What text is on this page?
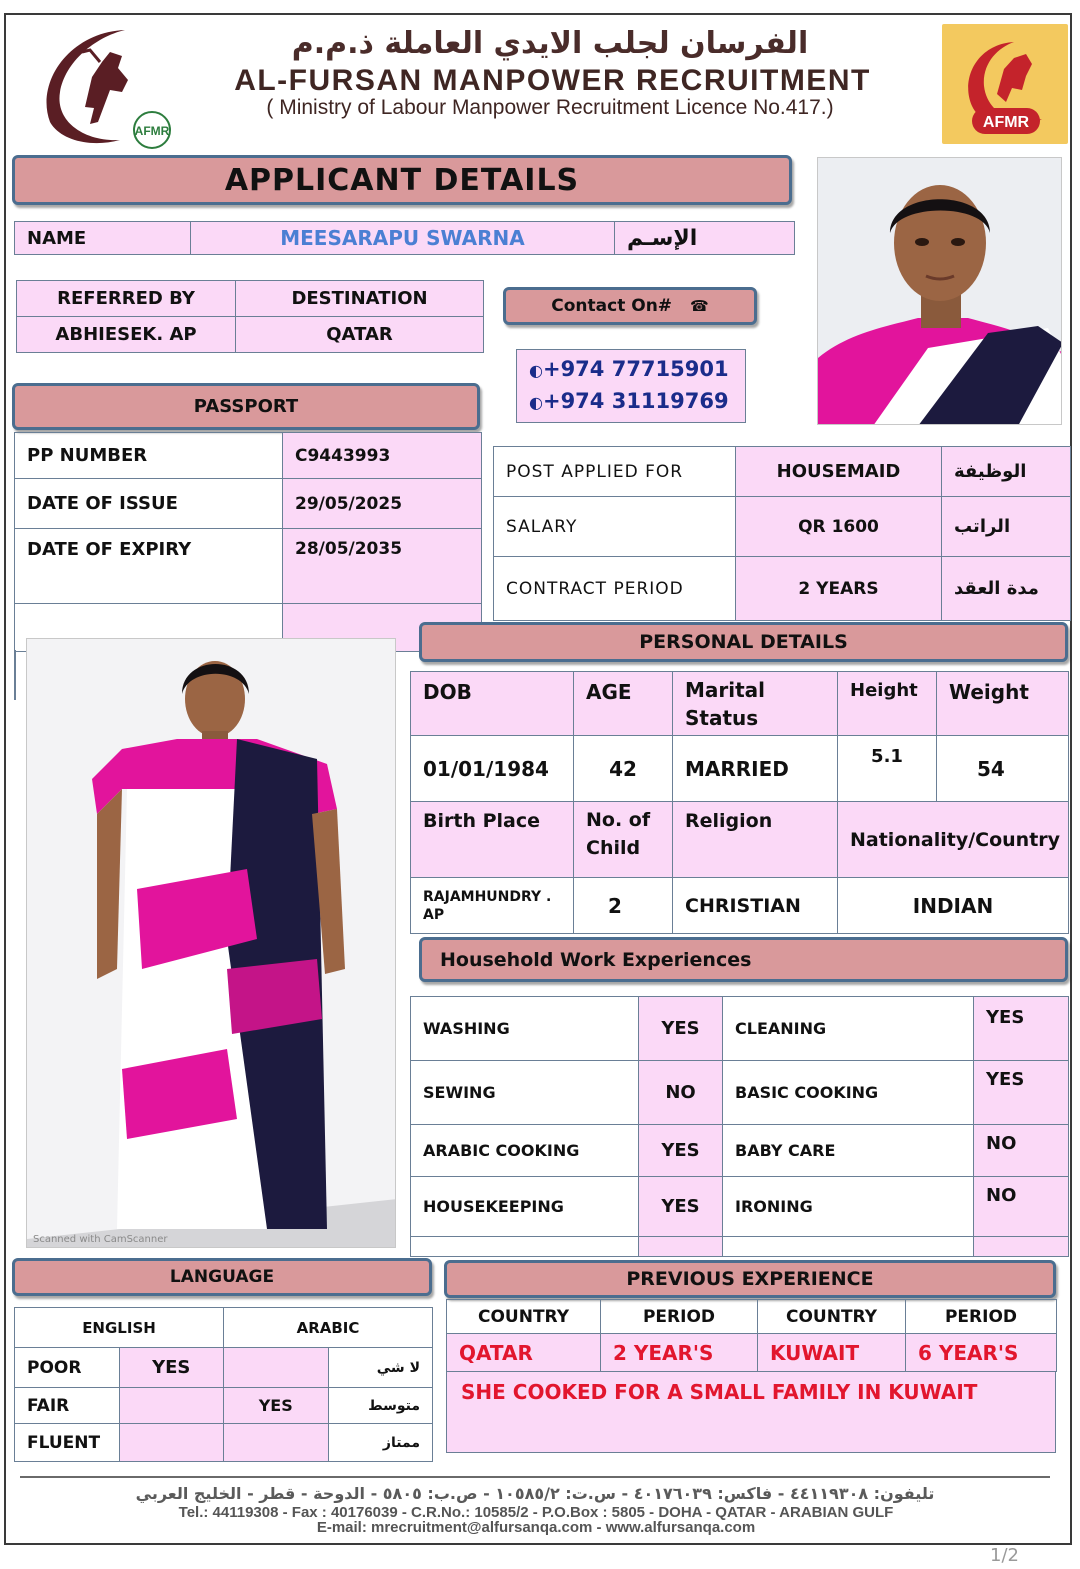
AFMR
الفرسان لجلب الايدي العاملة ذ.م.م
AL-FURSAN MANPOWER RECRUITMENT
( Ministry of Labour Manpower Recruitment Licence No.417.)
AFMR
APPLICANT DETAILS
NAME	MEESARAPU SWARNA	الإسـم
REFERRED BY	DESTINATION
ABHIESEK. AP	QATAR
Contact On# ☎
◐+974 77715901
◐+974 31119769
PASSPORT
PP NUMBER	C9443993
DATE OF ISSUE	29/05/2025
DATE OF EXPIRY	28/05/2035

POST APPLIED FOR	HOUSEMAID	الوظيفة
SALARY	QR 1600	الراتب
CONTRACT PERIOD	2 YEARS	مدة العقد
Scanned with CamScanner
PERSONAL DETAILS
DOB	AGE	Marital Status	Height	Weight
01/01/1984	42	MARRIED	5.1	54
Birth Place	No. of Child	Religion	Nationality/Country	
RAJAMHUNDRY . AP	2	CHRISTIAN	INDIAN	
Household Work Experiences
WASHING	YES	CLEANING	YES
SEWING	NO	BASIC COOKING	YES
ARABIC COOKING	YES	BABY CARE	NO
HOUSEKEEPING	YES	IRONING	NO

LANGUAGE
ENGLISH		ARABIC	
POOR	YES		لا شي
FAIR		YES	متوسط
FLUENT			ممتاز
PREVIOUS EXPERIENCE
COUNTRY	PERIOD	COUNTRY	PERIOD
QATAR	2 YEAR'S	KUWAIT	6 YEAR'S
SHE COOKED FOR A SMALL FAMILY IN KUWAIT
تليفون: ٤٤١١٩٣٠٨ - فاكس: ٤٠١٧٦٠٣٩ - س.ت: ١٠٥٨٥/٢ - ص.ب: ٥٨٠٥ - الدوحة - قطر - الخليج العربي
Tel.: 44119308 - Fax : 40176039 - C.R.No.: 10585/2 - P.O.Box : 5805 - DOHA - QATAR - ARABIAN GULF
E-mail: mrecruitment@alfursanqa.com - www.alfursanqa.com
1/2
